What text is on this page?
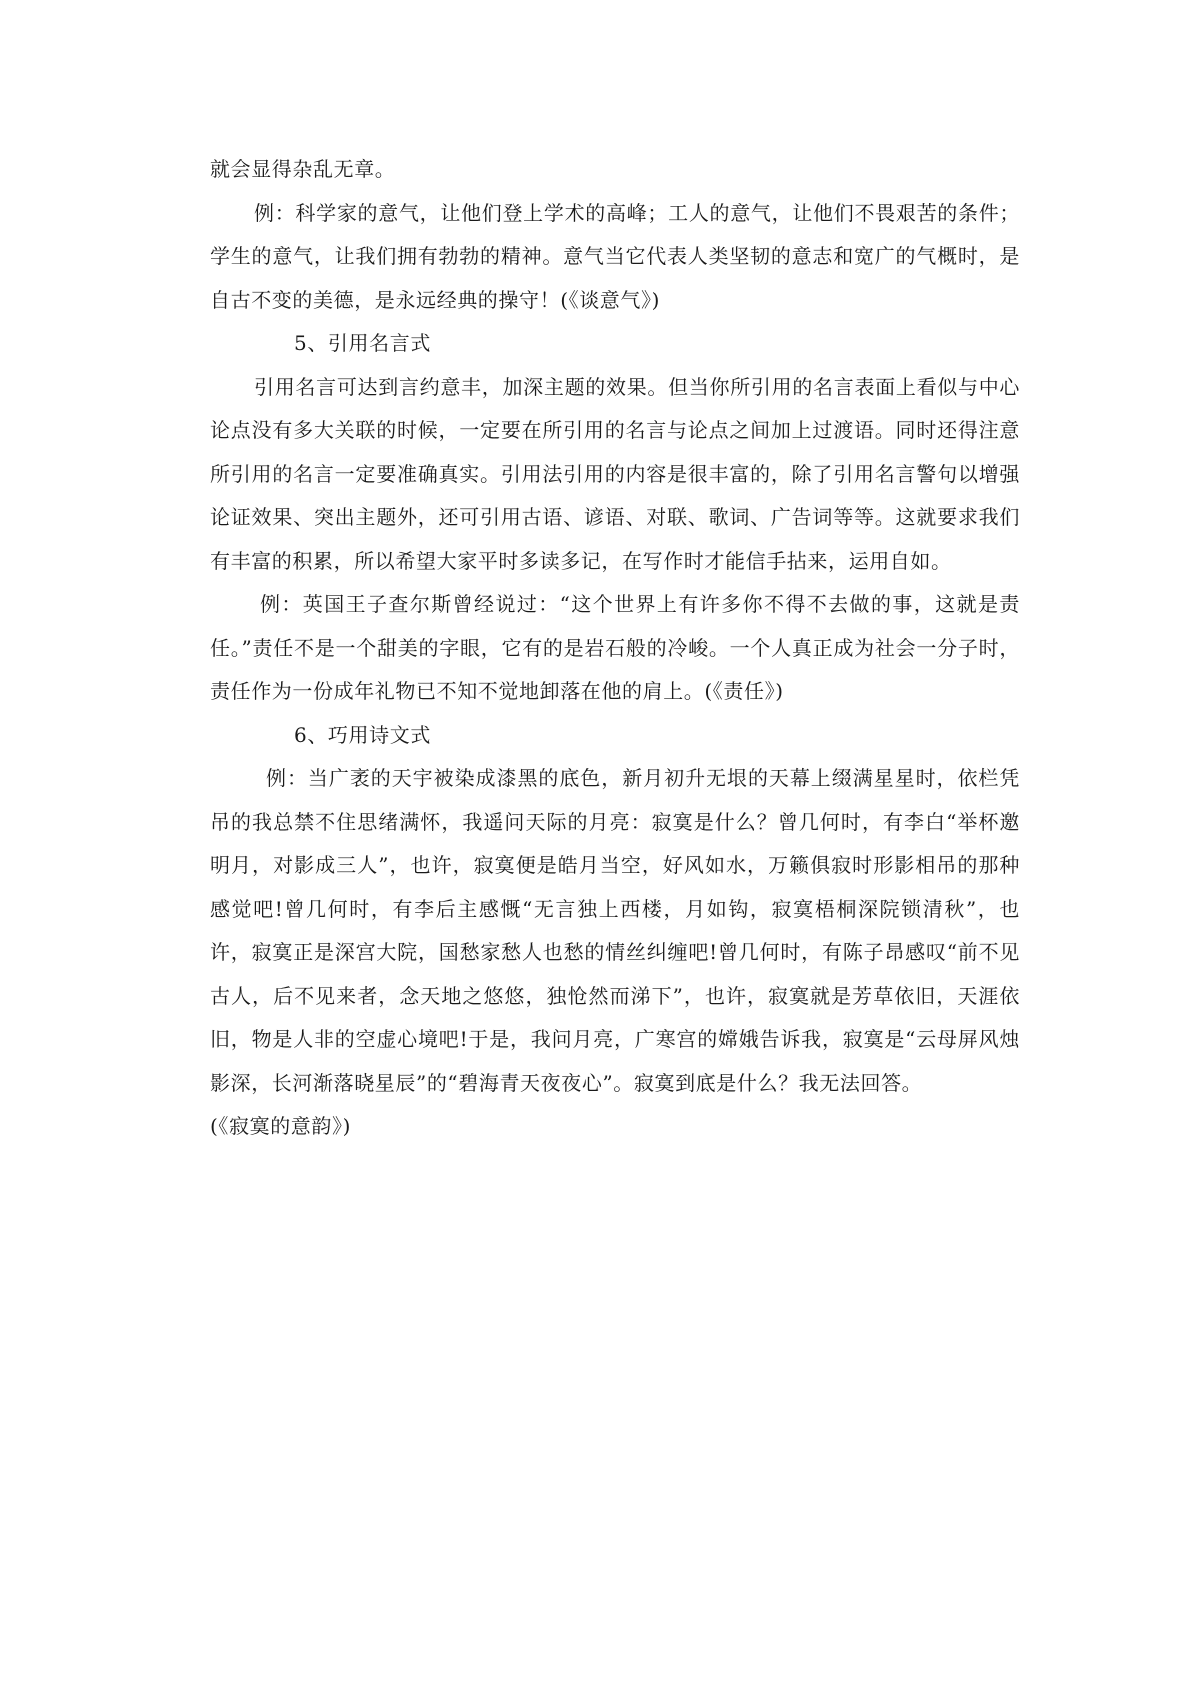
就会显得杂乱无章。

例：科学家的意气，让他们登上学术的高峰；工人的意气，让他们不畏艰苦的条件；学生的意气，让我们拥有勃勃的精神。意气当它代表人类坚韧的意志和宽广的气概时，是自古不变的美德，是永远经典的操守！(《谈意气》)

5、引用名言式

引用名言可达到言约意丰，加深主题的效果。但当你所引用的名言表面上看似与中心论点没有多大关联的时候，一定要在所引用的名言与论点之间加上过渡语。同时还得注意所引用的名言一定要准确真实。引用法引用的内容是很丰富的，除了引用名言警句以增强论证效果、突出主题外，还可引用古语、谚语、对联、歌词、广告词等等。这就要求我们有丰富的积累，所以希望大家平时多读多记，在写作时才能信手拈来，运用自如。

例：英国王子查尔斯曾经说过：“这个世界上有许多你不得不去做的事，这就是责任。”责任不是一个甜美的字眼，它有的是岩石般的冷峻。一个人真正成为社会一分子时，责任作为一份成年礼物已不知不觉地卸落在他的肩上。(《责任》)

6、巧用诗文式

例：当广袤的天宇被染成漆黑的底色，新月初升无垠的天幕上缀满星星时，依栏凭吊的我总禁不住思绪满怀，我遥问天际的月亮：寂寞是什么？曾几何时，有李白“举杯邀明月，对影成三人”，也许，寂寞便是皓月当空，好风如水，万籁俱寂时形影相吊的那种感觉吧!曾几何时，有李后主感慨“无言独上西楼，月如钩，寂寞梧桐深院锁清秋”，也许，寂寞正是深宫大院，国愁家愁人也愁的情丝纠缠吧!曾几何时，有陈子昂感叹“前不见古人，后不见来者，念天地之悠悠，独怆然而涕下”，也许，寂寞就是芳草依旧，天涯依旧，物是人非的空虚心境吧!于是，我问月亮，广寒宫的嫦娥告诉我，寂寞是“云母屏风烛影深，长河渐落晓星辰”的“碧海青天夜夜心”。寂寞到底是什么？我无法回答。

(《寂寞的意韵》)
